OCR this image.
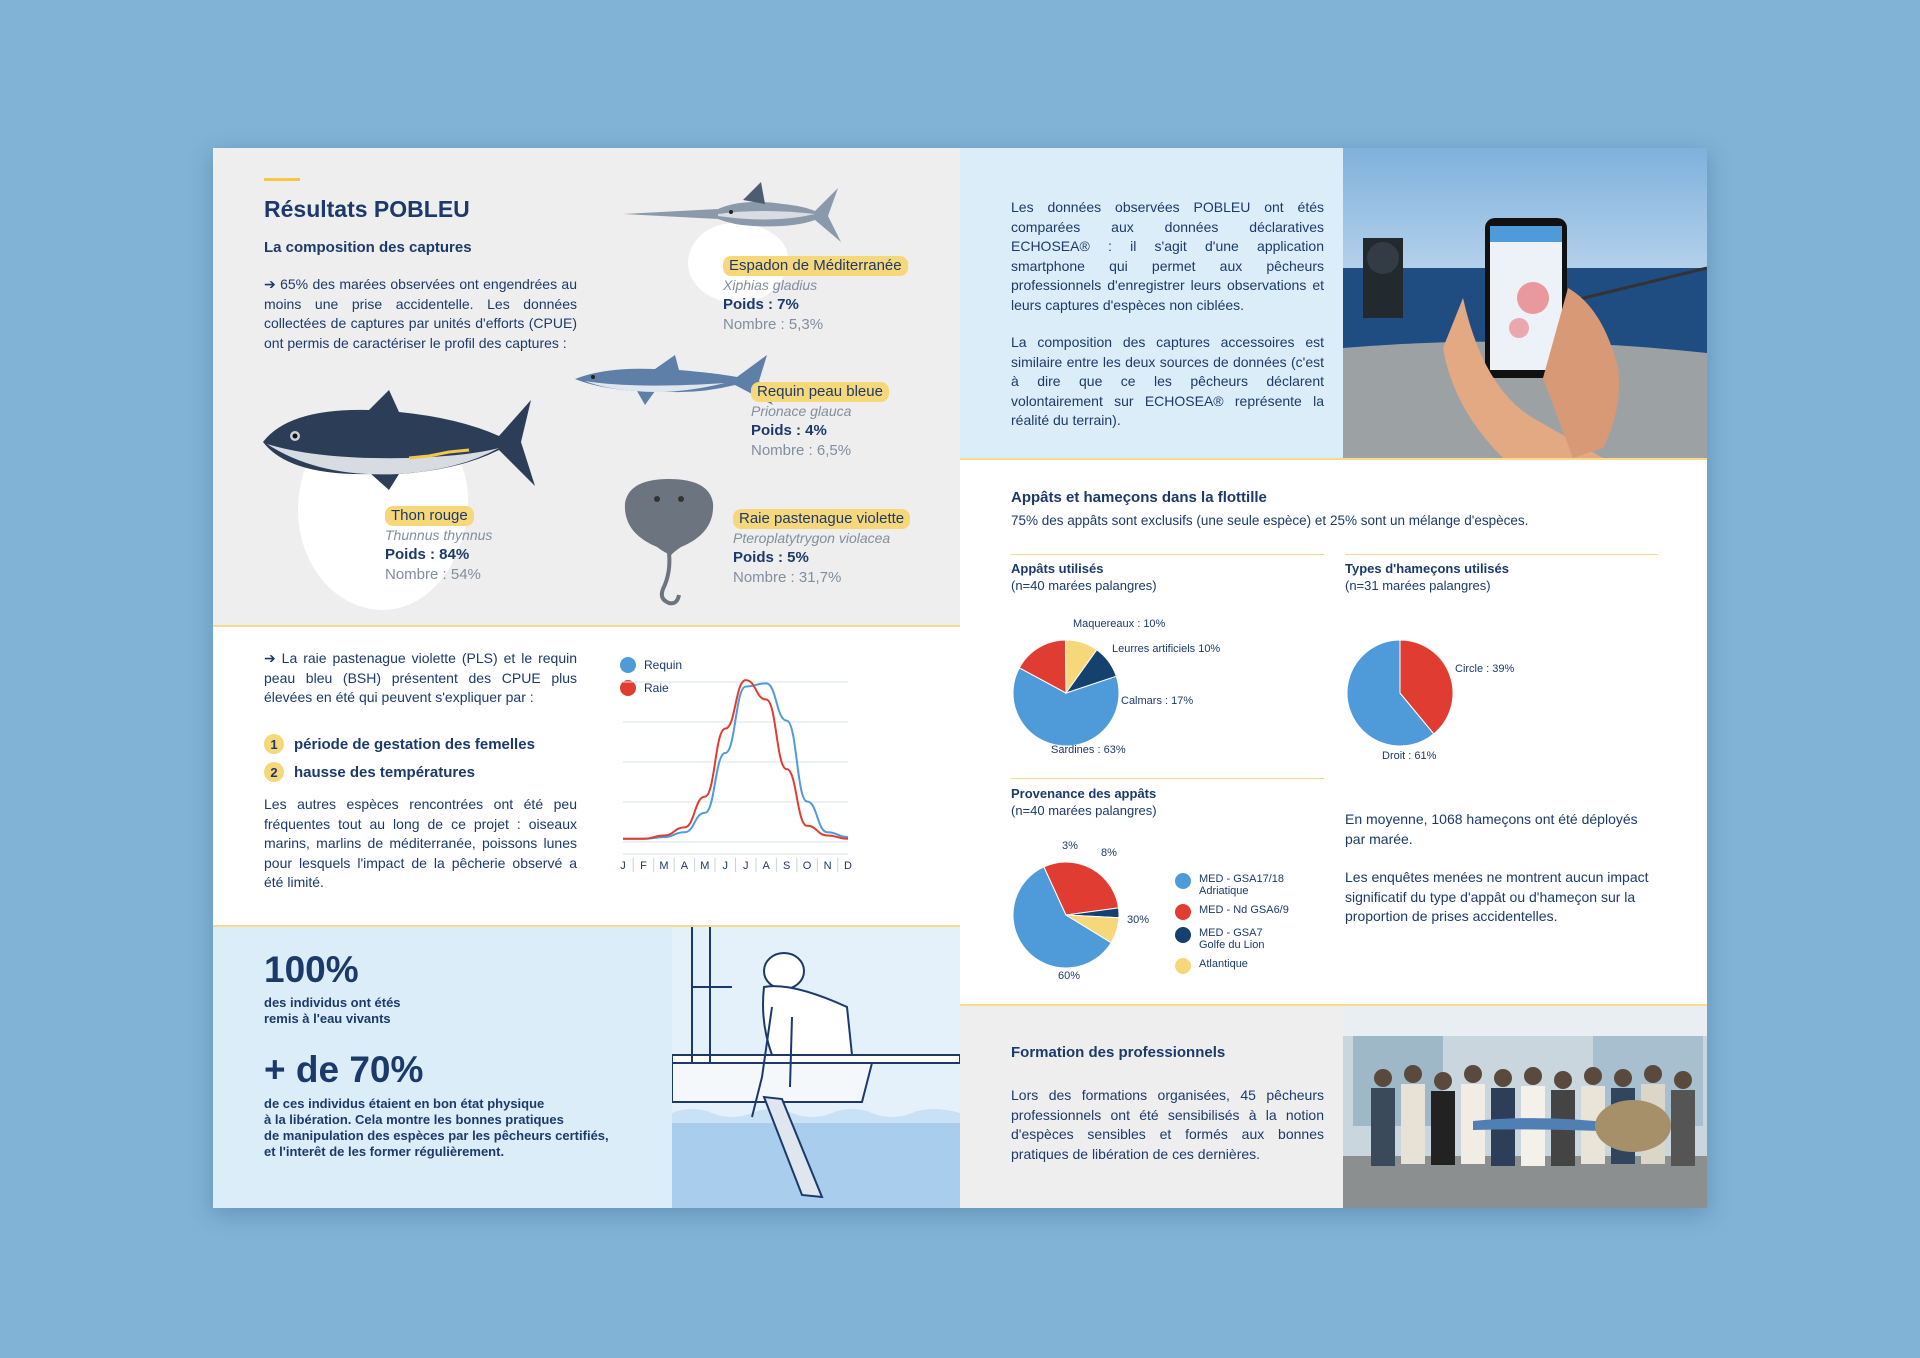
Résultats POBLEU
La composition des captures

➔ 65% des marées observées ont engendrées au moins une prise accidentelle. Les données collectées de captures par unités d'efforts (CPUE) ont permis de caractériser le profil des captures :

Espadon de Méditerranée
Xiphias gladius
Poids : 7%
Nombre : 5,3%
Requin peau bleue
Prionace glauca
Poids : 4%
Nombre : 6,5%
Thon rouge
Thunnus thynnus
Poids : 84%
Nombre : 54%
Raie pastenague violette
Pteroplatytrygon violacea
Poids : 5%
Nombre : 31,7%

➔ La raie pastenague violette (PLS) et le requin peau bleu (BSH) présentent des CPUE plus élevées en été qui peuvent s'expliquer par :

1	période de gestation des femelles
2	hausse des températures

Les autres espèces rencontrées ont été peu fréquentes tout au long de ce projet : oiseaux marins, marlins de méditerranée, poissons lunes pour lesquels l'impact de la pêcherie observé a été limité.

Requin
Raie
J F M A M J J A S O N D
100%
des individus ont étés
remis à l'eau vivants
+ de 70%
de ces individus étaient en bon état physique
à la libération. Cela montre les bonnes pratiques
de manipulation des espèces par les pêcheurs certifiés,
et l'interêt de les former régulièrement.

Les données observées POBLEU ont étés comparées aux données déclaratives ECHOSEA® : il s'agit d'une application smartphone qui permet aux pêcheurs professionnels d'enregistrer leurs observations et leurs captures d'espèces non ciblées.

La composition des captures accessoires est similaire entre les deux sources de données (c'est à dire que ce les pêcheurs déclarent volontairement sur ECHOSEA® représente la réalité du terrain).

Appâts et hameçons dans la flottille
75% des appâts sont exclusifs (une seule espèce) et 25% sont un mélange d'espèces.
Appâts utilisés
(n=40 marées palangres)
Maquereaux : 10%
Leurres artificiels 10%
Calmars : 17%
Sardines : 63%
Types d'hameçons utilisés
(n=31 marées palangres)
Circle : 39%
Droit : 61%
Provenance des appâts
(n=40 marées palangres)
60%
30%
3%
8%
MED - GSA17/18
Adriatique
MED - Nd GSA6/9
MED - GSA7
Golfe du Lion
Atlantique
En moyenne, 1068 hameçons ont été déployés par marée.
Les enquêtes menées ne montrent aucun impact significatif du type d'appât ou d'hameçon sur la proportion de prises accidentelles.
Formation des professionnels

Lors des formations organisées, 45 pêcheurs professionnels ont été sensibilisés à la notion d'espèces sensibles et formés aux bonnes pratiques de libération de ces dernières.
